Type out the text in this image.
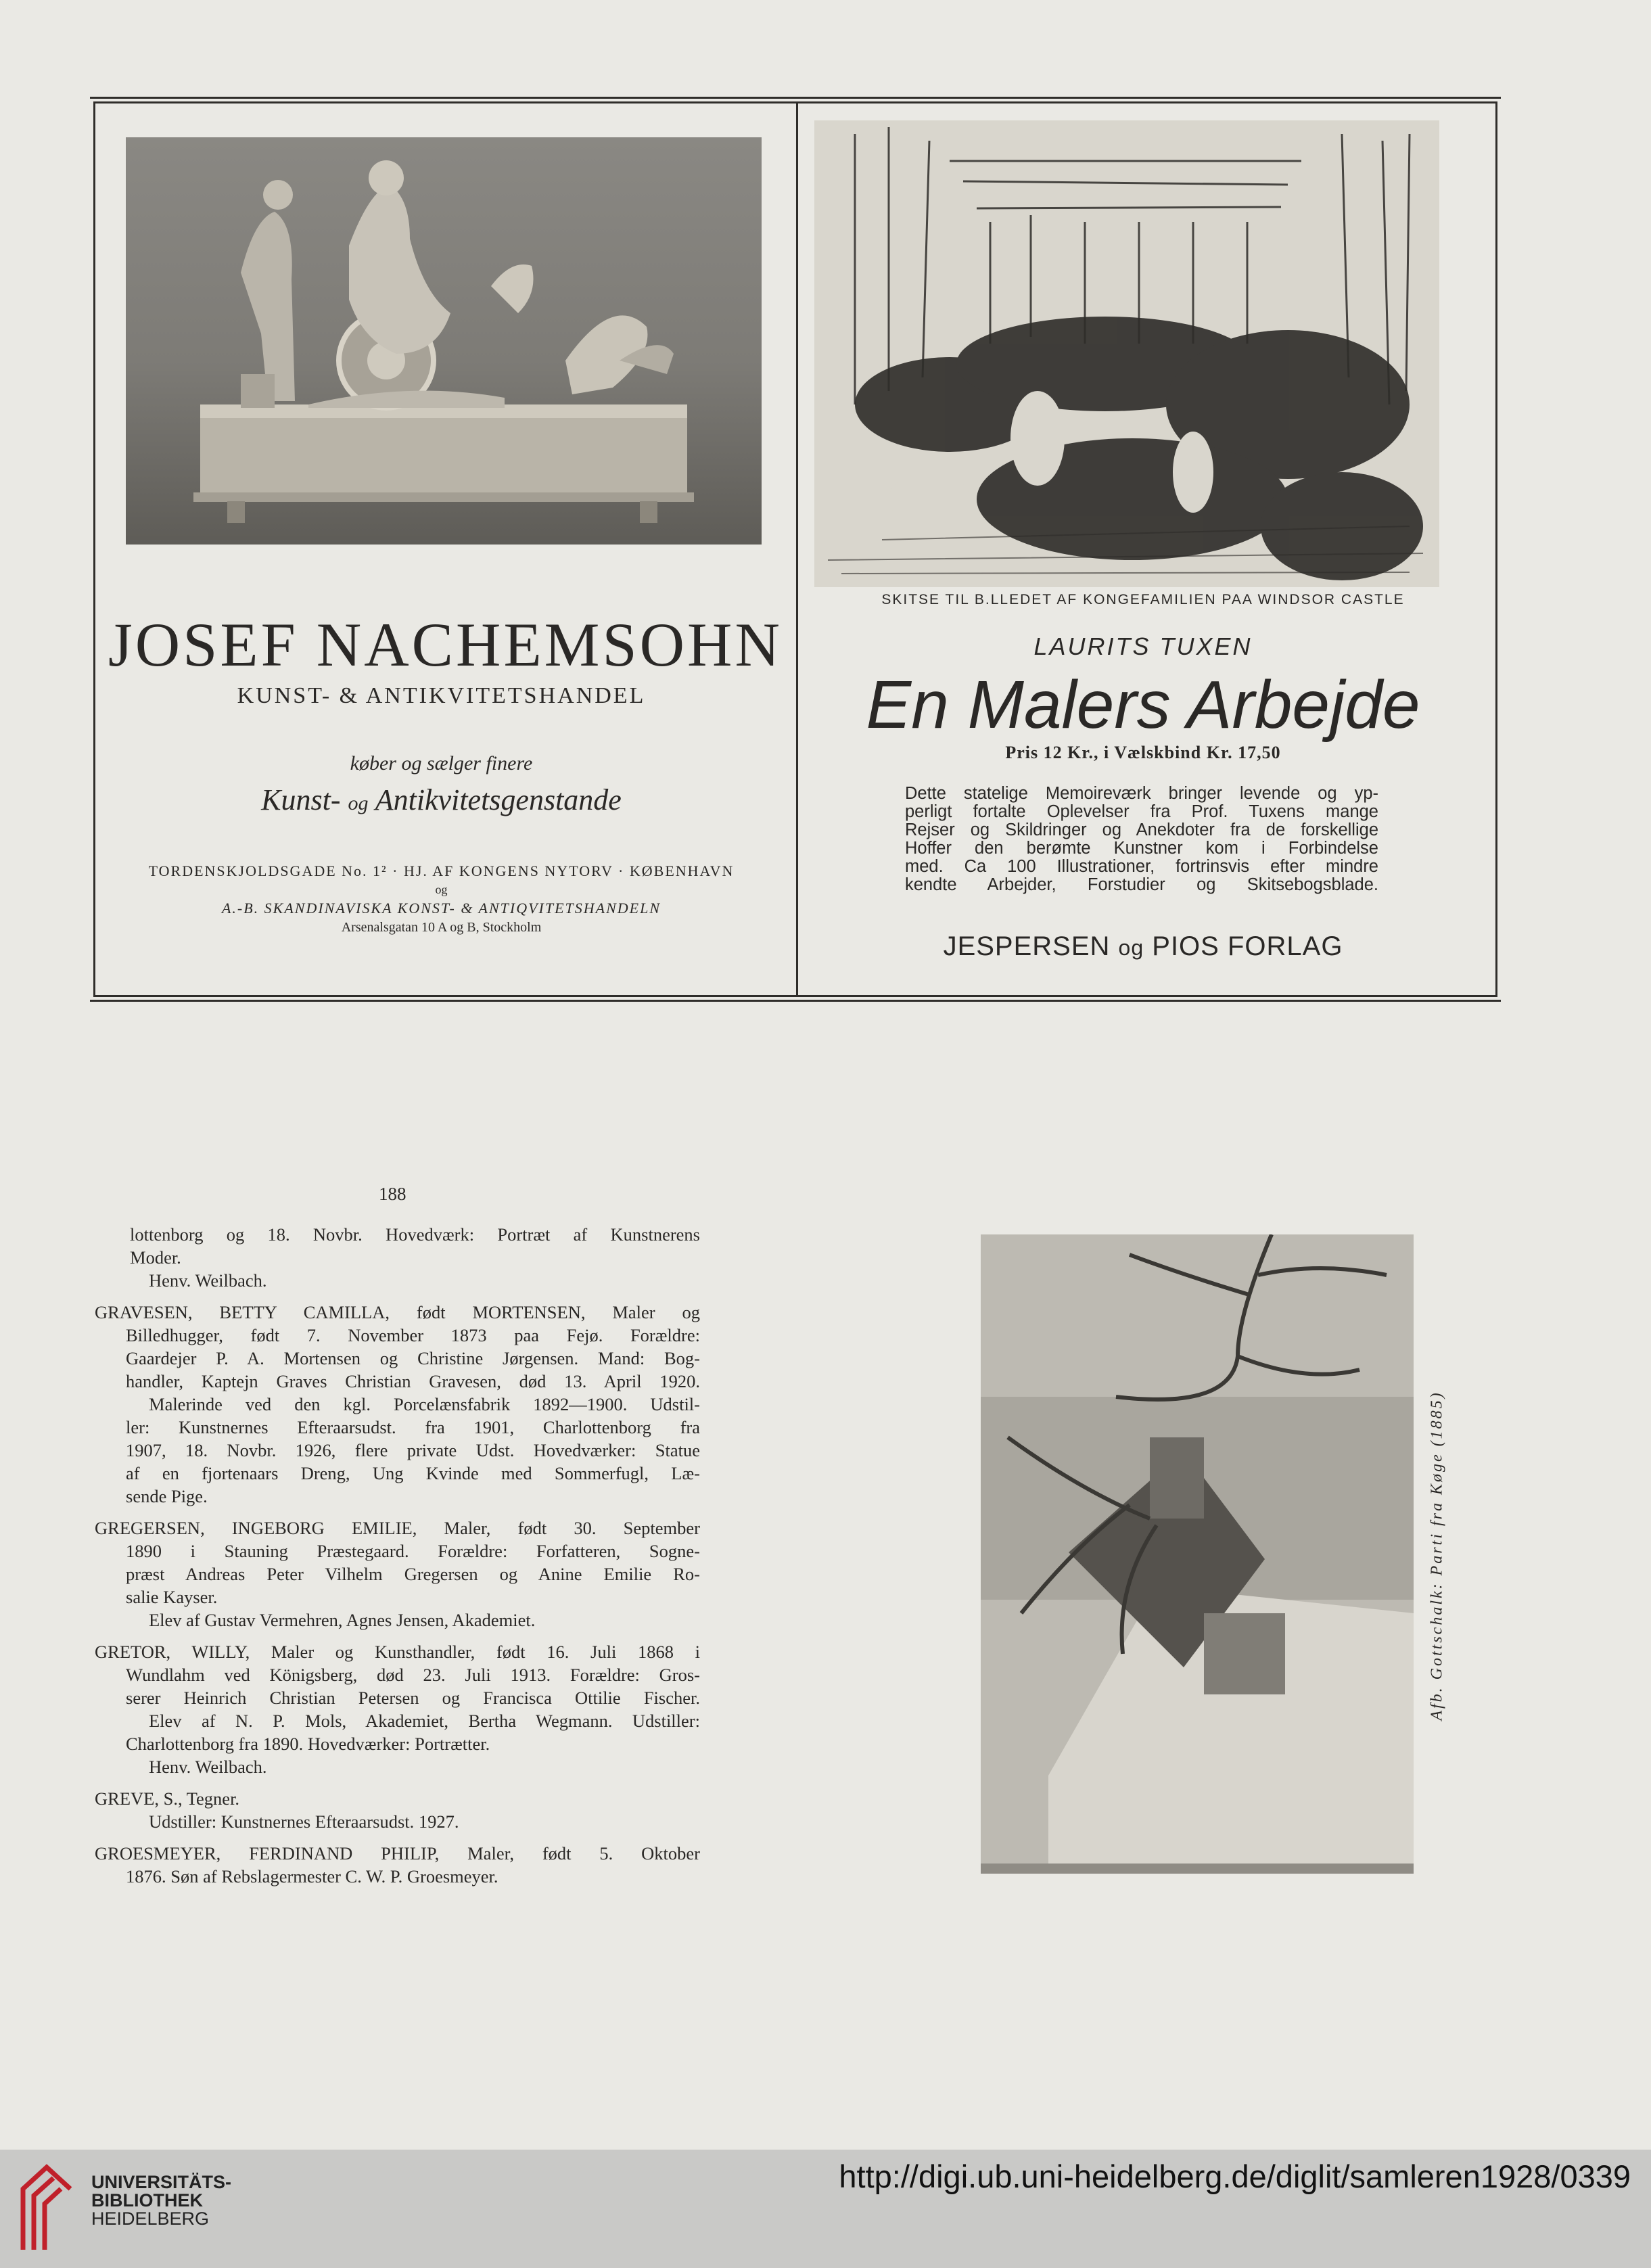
JOSEF NACHEMSOHN
KUNST- & ANTIKVITETSHANDEL
køber og sælger finere
Kunst- og Antikvitetsgenstande
TORDENSKJOLDSGADE No. 1² · HJ. AF KONGENS NYTORV · KØBENHAVN
og
A.-B. SKANDINAVISKA KONST- & ANTIQVITETSHANDELN
Arsenalsgatan 10 A og B, Stockholm
SKITSE TIL B.LLEDET AF KONGEFAMILIEN PAA WINDSOR CASTLE
LAURITS TUXEN
En Malers Arbejde
Pris 12 Kr., i Vælskbind Kr. 17,50
Dette statelige Memoireværk bringer levende og yp-
perligt fortalte Oplevelser fra Prof. Tuxens mange
Rejser og Skildringer og Anekdoter fra de forskellige
Hoffer den berømte Kunstner kom i Forbindelse
med. Ca 100 Illustrationer, fortrinsvis efter mindre
kendte Arbejder, Forstudier og Skitsebogsblade.
JESPERSEN og PIOS FORLAG
188
lottenborg og 18. Novbr. Hovedværk: Portræt af Kunstnerens
Moder.
Henv. Weilbach.
GRAVESEN, BETTY CAMILLA, født MORTENSEN, Maler og
Billedhugger, født 7. November 1873 paa Fejø. Forældre:
Gaardejer P. A. Mortensen og Christine Jørgensen. Mand: Bog-
handler, Kaptejn Graves Christian Gravesen, død 13. April 1920.
Malerinde ved den kgl. Porcelænsfabrik 1892—1900. Udstil-
ler: Kunstnernes Efteraarsudst. fra 1901, Charlottenborg fra
1907, 18. Novbr. 1926, flere private Udst. Hovedværker: Statue
af en fjortenaars Dreng, Ung Kvinde med Sommerfugl, Læ-
sende Pige.
GREGERSEN, INGEBORG EMILIE, Maler, født 30. September
1890 i Stauning Præstegaard. Forældre: Forfatteren, Sogne-
præst Andreas Peter Vilhelm Gregersen og Anine Emilie Ro-
salie Kayser.
Elev af Gustav Vermehren, Agnes Jensen, Akademiet.
GRETOR, WILLY, Maler og Kunsthandler, født 16. Juli 1868 i
Wundlahm ved Königsberg, død 23. Juli 1913. Forældre: Gros-
serer Heinrich Christian Petersen og Francisca Ottilie Fischer.
Elev af N. P. Mols, Akademiet, Bertha Wegmann. Udstiller:
Charlottenborg fra 1890. Hovedværker: Portrætter.
Henv. Weilbach.
GREVE, S., Tegner.
Udstiller: Kunstnernes Efteraarsudst. 1927.
GROESMEYER, FERDINAND PHILIP, Maler, født 5. Oktober
1876. Søn af Rebslagermester C. W. P. Groesmeyer.
Afb. Gottschalk: Parti fra Køge (1885)
UNIVERSITÄTS-
BIBLIOTHEK
HEIDELBERG
http://digi.ub.uni-heidelberg.de/diglit/samleren1928/0339
